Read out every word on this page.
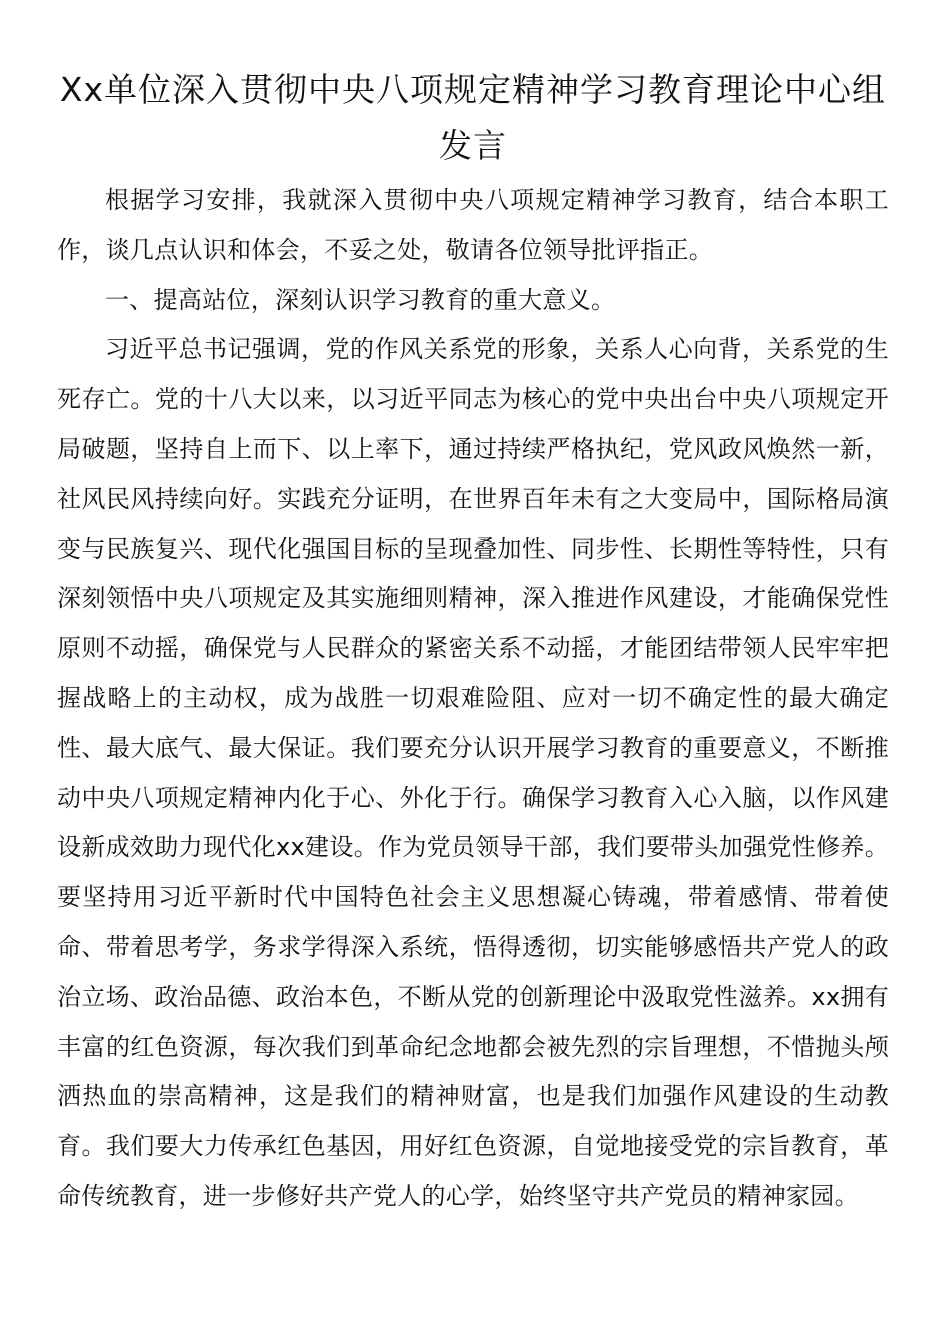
Xx单位深入贯彻中央八项规定精神学习教育理论中心组发言

根据学习安排，我就深入贯彻中央八项规定精神学习教育，结合本职工作，谈几点认识和体会，不妥之处，敬请各位领导批评指正。

一、提高站位，深刻认识学习教育的重大意义。

习近平总书记强调，党的作风关系党的形象，关系人心向背，关系党的生死存亡。党的十八大以来，以习近平同志为核心的党中央出台中央八项规定开局破题，坚持自上而下、以上率下，通过持续严格执纪，党风政风焕然一新，社风民风持续向好。实践充分证明，在世界百年未有之大变局中，国际格局演变与民族复兴、现代化强国目标的呈现叠加性、同步性、长期性等特性，只有深刻领悟中央八项规定及其实施细则精神，深入推进作风建设，才能确保党性原则不动摇，确保党与人民群众的紧密关系不动摇，才能团结带领人民牢牢把握战略上的主动权，成为战胜一切艰难险阻、应对一切不确定性的最大确定性、最大底气、最大保证。我们要充分认识开展学习教育的重要意义，不断推动中央八项规定精神内化于心、外化于行。确保学习教育入心入脑，以作风建设新成效助力现代化xx建设。作为党员领导干部，我们要带头加强党性修养。要坚持用习近平新时代中国特色社会主义思想凝心铸魂，带着感情、带着使命、带着思考学，务求学得深入系统，悟得透彻，切实能够感悟共产党人的政治立场、政治品德、政治本色，不断从党的创新理论中汲取党性滋养。xx拥有丰富的红色资源，每次我们到革命纪念地都会被先烈的宗旨理想，不惜抛头颅洒热血的崇高精神，这是我们的精神财富，也是我们加强作风建设的生动教育。我们要大力传承红色基因，用好红色资源，自觉地接受党的宗旨教育，革命传统教育，进一步修好共产党人的心学，始终坚守共产党员的精神家园。
